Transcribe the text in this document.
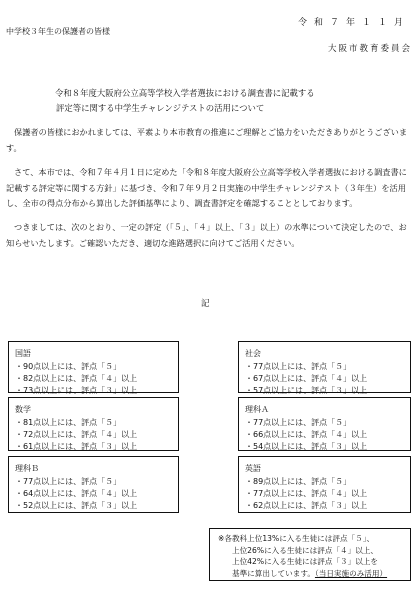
令和７年１１月
中学校３年生の保護者の皆様
大阪市教育委員会
令和８年度大阪府公立高等学校入学者選抜における調査書に記載する
評定等に関する中学生チャレンジテストの活用について
保護者の皆様におかれましては、平素より本市教育の推進にご理解とご協力をいただきありがとうございます。
さて、本市では、令和７年４月１日に定めた「令和８年度大阪府公立高等学校入学者選抜における調査書に記載する評定等に関する方針」に基づき、令和７年９月２日実施の中学生チャレンジテスト（３年生）を活用し、全市の得点分布から算出した評価基準により、調査書評定を確認することとしております。
つきましては、次のとおり、一定の評定（「５」、「４」以上、「３」以上）の水準について決定したので、お知らせいたします。ご確認いただき、適切な進路選択に向けてご活用ください。
記
国語
・90点以上には、評点「５」
・82点以上には、評点「４」以上
・73点以上には、評点「３」以上
社会
・77点以上には、評点「５」
・67点以上には、評点「４」以上
・57点以上には、評点「３」以上
数学
・81点以上には、評点「５」
・72点以上には、評点「４」以上
・61点以上には、評点「３」以上
理科Ａ
・77点以上には、評点「５」
・66点以上には、評点「４」以上
・54点以上には、評点「３」以上
理科Ｂ
・77点以上には、評点「５」
・64点以上には、評点「４」以上
・52点以上には、評点「３」以上
英語
・89点以上には、評点「５」
・77点以上には、評点「４」以上
・62点以上には、評点「３」以上
※各教科上位13%に入る生徒には評点「５」、
上位26%に入る生徒には評点「４」以上、
上位42%に入る生徒には評点「３」以上を
基準に算出しています。（当日実施のみ活用）
